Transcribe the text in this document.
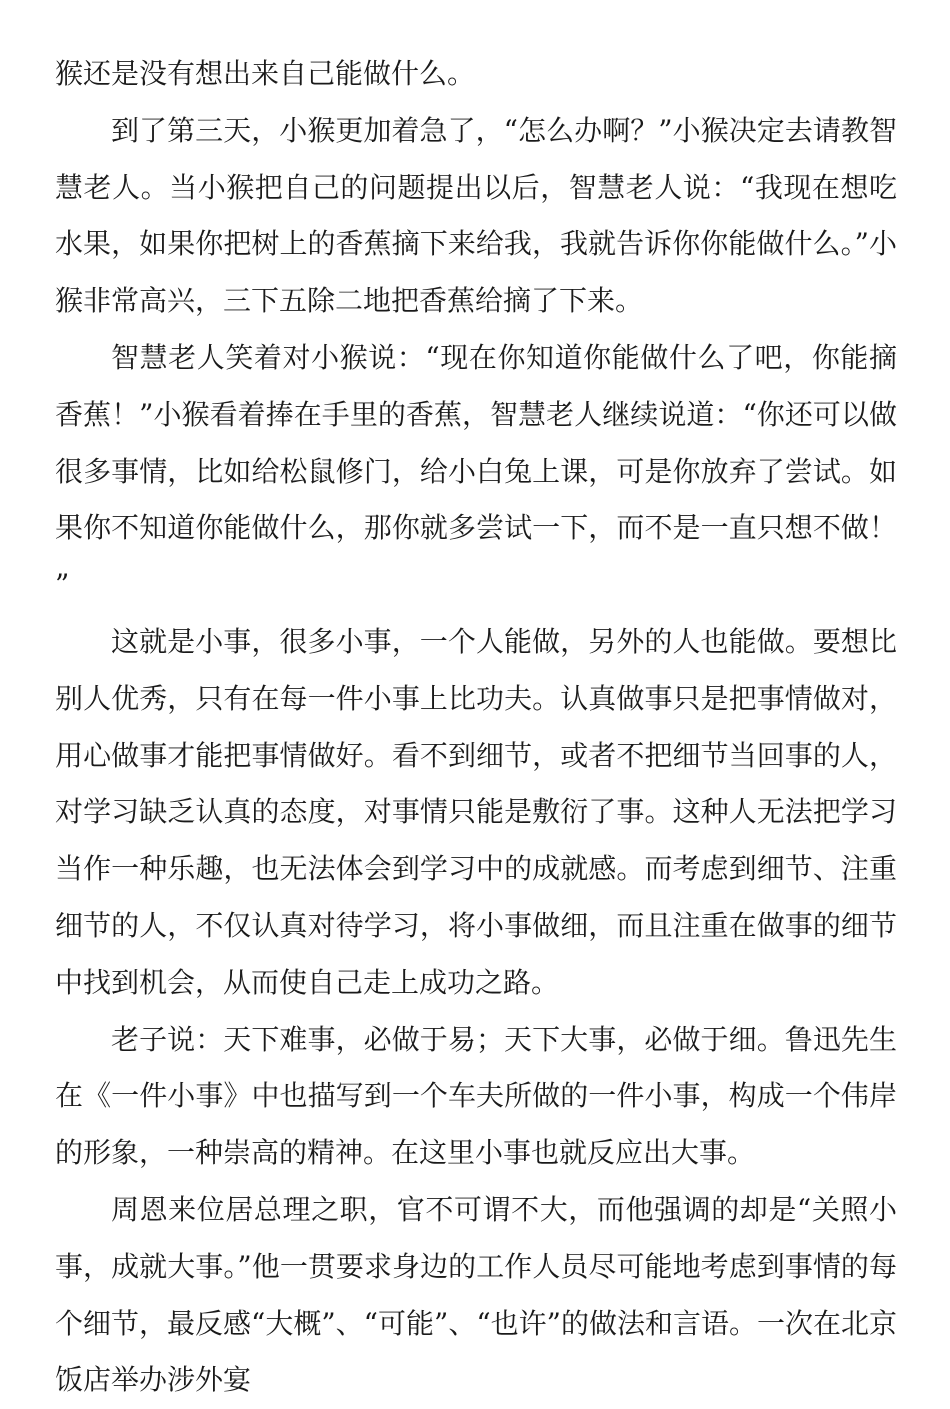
猴还是没有想出来自己能做什么。

到了第三天，小猴更加着急了，“怎么办啊？”小猴决定去请教智慧老人。当小猴把自己的问题提出以后，智慧老人说：“我现在想吃水果，如果你把树上的香蕉摘下来给我，我就告诉你你能做什么。”小猴非常高兴，三下五除二地把香蕉给摘了下来。

智慧老人笑着对小猴说：“现在你知道你能做什么了吧，你能摘香蕉！”小猴看着捧在手里的香蕉，智慧老人继续说道：“你还可以做很多事情，比如给松鼠修门，给小白兔上课，可是你放弃了尝试。如果你不知道你能做什么，那你就多尝试一下，而不是一直只想不做！”

这就是小事，很多小事，一个人能做，另外的人也能做。要想比别人优秀，只有在每一件小事上比功夫。认真做事只是把事情做对，用心做事才能把事情做好。看不到细节，或者不把细节当回事的人，对学习缺乏认真的态度，对事情只能是敷衍了事。这种人无法把学习当作一种乐趣，也无法体会到学习中的成就感。而考虑到细节、注重细节的人，不仅认真对待学习，将小事做细，而且注重在做事的细节中找到机会，从而使自己走上成功之路。

老子说：天下难事，必做于易；天下大事，必做于细。鲁迅先生在《一件小事》中也描写到一个车夫所做的一件小事，构成一个伟岸的形象，一种崇高的精神。在这里小事也就反应出大事。

周恩来位居总理之职，官不可谓不大，而他强调的却是“关照小事，成就大事。”他一贯要求身边的工作人员尽可能地考虑到事情的每个细节，最反感“大概”、“可能”、“也许”的做法和言语。一次在北京饭店举办涉外宴
